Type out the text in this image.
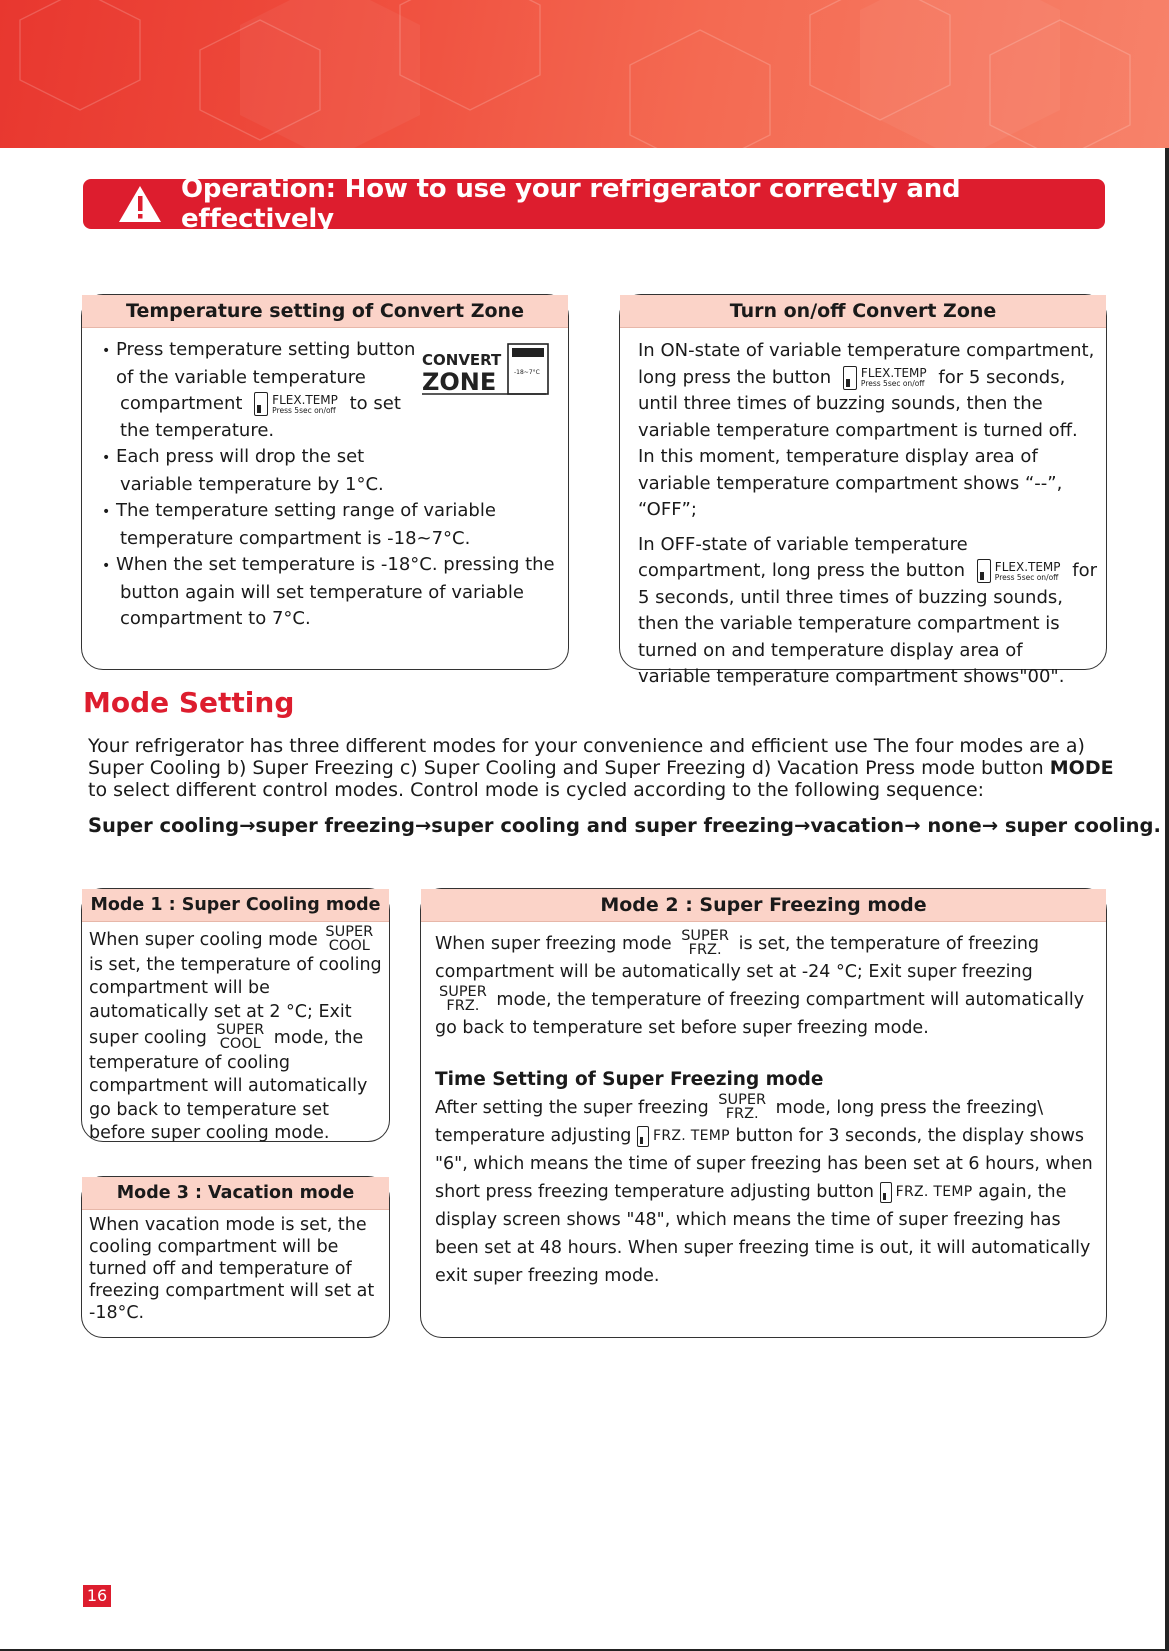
Operation: How to use your refrigerator correctly and effectively
Temperature setting of Convert Zone

• Press temperature setting button

of the variable temperature

compartment FLEX.TEMP
Press 5sec on/off to set

the temperature.

• Each press will drop the set variable temperature by 1°C.

• The temperature setting range of variable temperature compartment is -18~7°C.

• When the set temperature is -18°C. pressing the button again will set temperature of variable compartment to 7°C.

CONVERT
ZONE	-18~7°C
Turn on/off Convert Zone

In ON-state of variable temperature compartment, long press the button FLEX.TEMP
Press 5sec on/off for 5 seconds, until three times of buzzing sounds, then the variable temperature compartment is turned off. In this moment, temperature display area of variable temperature compartment shows “--”, “OFF”;

In OFF-state of variable temperature compartment, long press the button FLEX.TEMP
Press 5sec on/off for 5 seconds, until three times of buzzing sounds, then the variable temperature compartment is turned on and temperature display area of variable temperature compartment shows"00".

Mode Setting

Your refrigerator has three different modes for your convenience and efficient use The four modes are a) Super Cooling b) Super Freezing c) Super Cooling and Super Freezing d) Vacation Press mode button MODE to select different control modes. Control mode is cycled according to the following sequence:

Super cooling→super freezing→super cooling and super freezing→vacation→ none→ super cooling.
Mode 1 : Super Cooling mode
When super cooling mode SUPER
COOL
is set, the temperature of cooling compartment will be automatically set at 2 °C; Exit super cooling SUPER
COOL mode, the temperature of cooling compartment will automatically go back to temperature set before super cooling mode.
Mode 3 : Vacation mode
When vacation mode is set, the cooling compartment will be turned off and temperature of freezing compartment will set at -18°C.
Mode 2 : Super Freezing mode

When super freezing mode SUPER
FRZ. is set, the temperature of freezing compartment will be automatically set at -24 °C; Exit super freezing
SUPER
FRZ. mode, the temperature of freezing compartment will automatically go back to temperature set before super freezing mode.

Time Setting of Super Freezing mode

After setting the super freezing SUPER
FRZ. mode, long press the freezing\ temperature adjusting FRZ. TEMP button for 3 seconds, the display shows "6", which means the time of super freezing has been set at 6 hours, when short press freezing temperature adjusting button FRZ. TEMP again, the display screen shows "48", which means the time of super freezing has been set at 48 hours. When super freezing time is out, it will automatically exit super freezing mode.

16
